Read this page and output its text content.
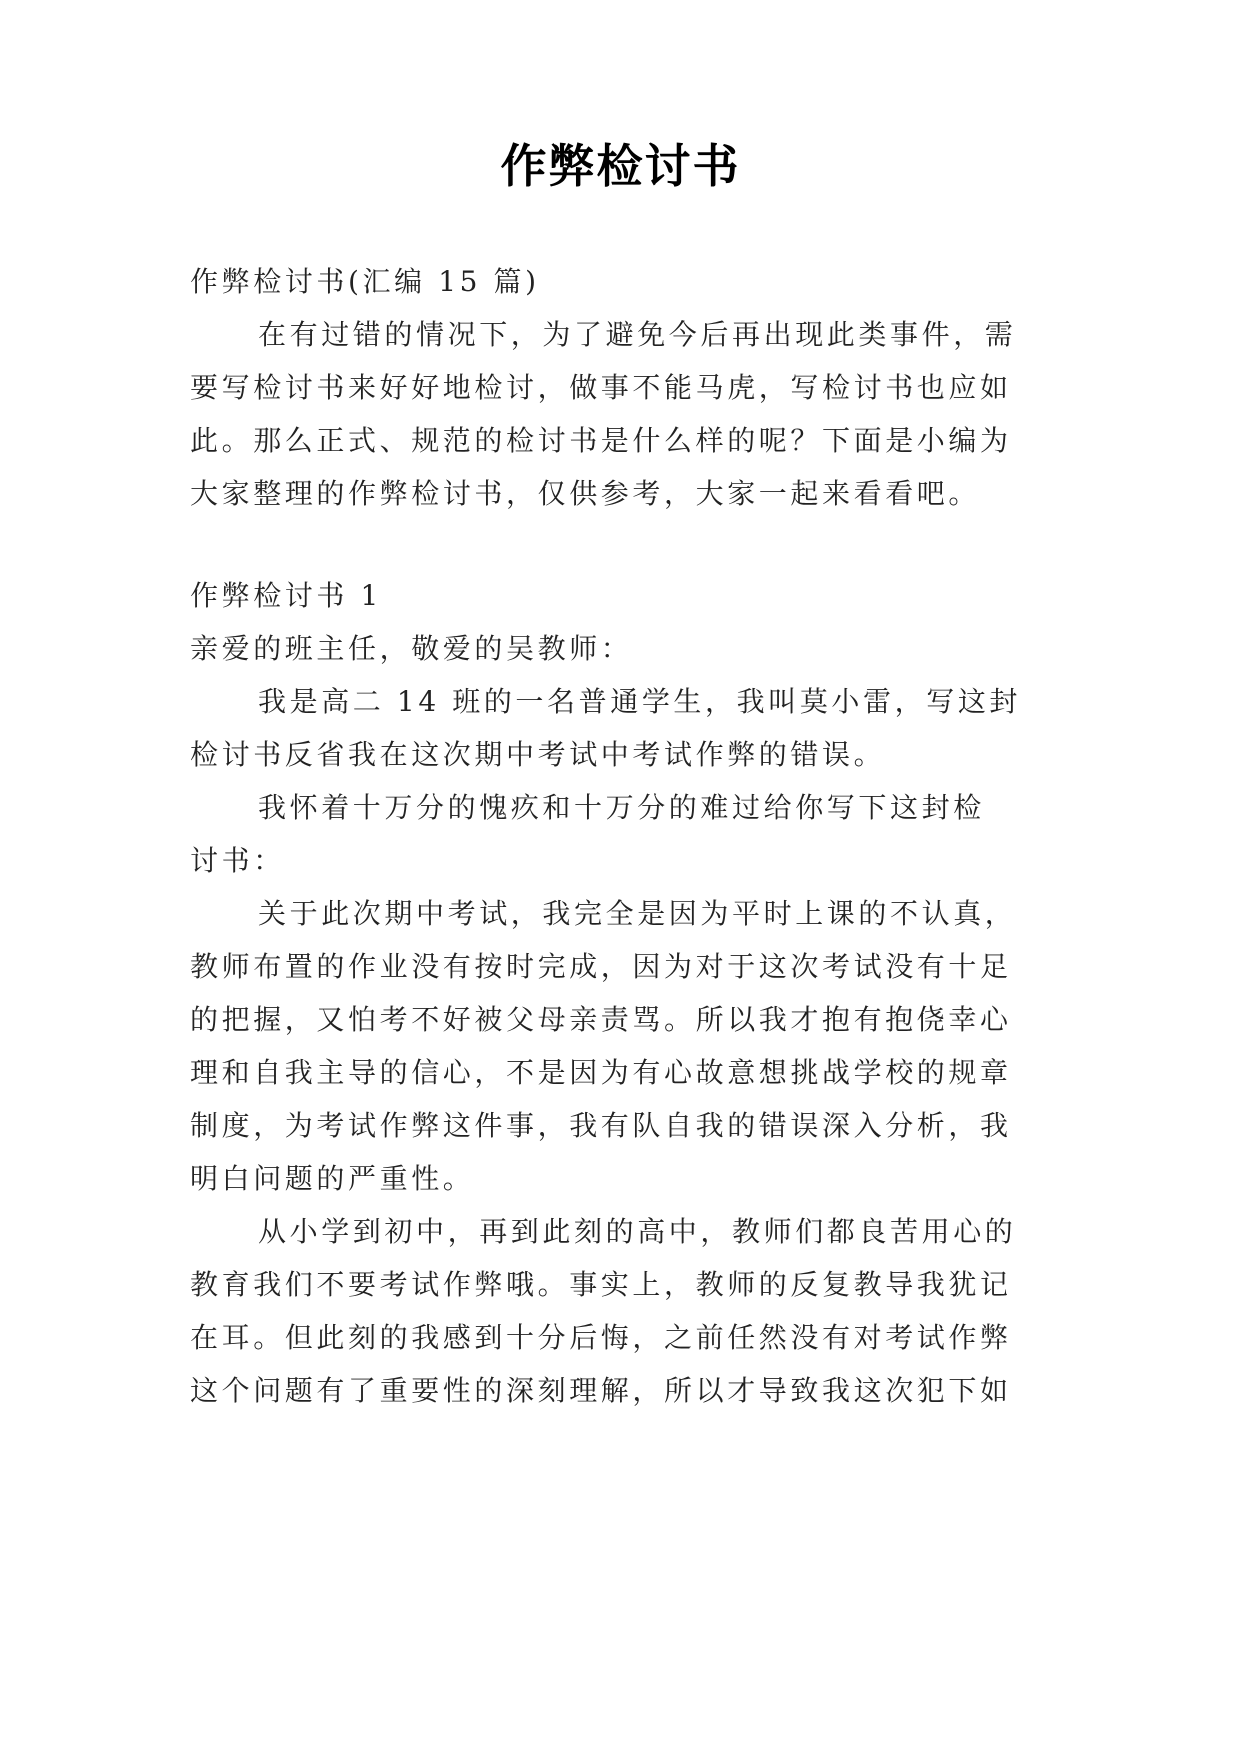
作弊检讨书
作弊检讨书(汇编 15 篇)
在有过错的情况下，为了避免今后再出现此类事件，需
要写检讨书来好好地检讨，做事不能马虎，写检讨书也应如
此。那么正式、规范的检讨书是什么样的呢？下面是小编为
大家整理的作弊检讨书，仅供参考，大家一起来看看吧。
作弊检讨书 1
亲爱的班主任，敬爱的吴教师：
我是高二 14 班的一名普通学生，我叫莫小雷，写这封
检讨书反省我在这次期中考试中考试作弊的错误。
我怀着十万分的愧疚和十万分的难过给你写下这封检
讨书：
关于此次期中考试，我完全是因为平时上课的不认真，
教师布置的作业没有按时完成，因为对于这次考试没有十足
的把握，又怕考不好被父母亲责骂。所以我才抱有抱侥幸心
理和自我主导的信心，不是因为有心故意想挑战学校的规章
制度，为考试作弊这件事，我有队自我的错误深入分析，我
明白问题的严重性。
从小学到初中，再到此刻的高中，教师们都良苦用心的
教育我们不要考试作弊哦。事实上，教师的反复教导我犹记
在耳。但此刻的我感到十分后悔，之前任然没有对考试作弊
这个问题有了重要性的深刻理解，所以才导致我这次犯下如
